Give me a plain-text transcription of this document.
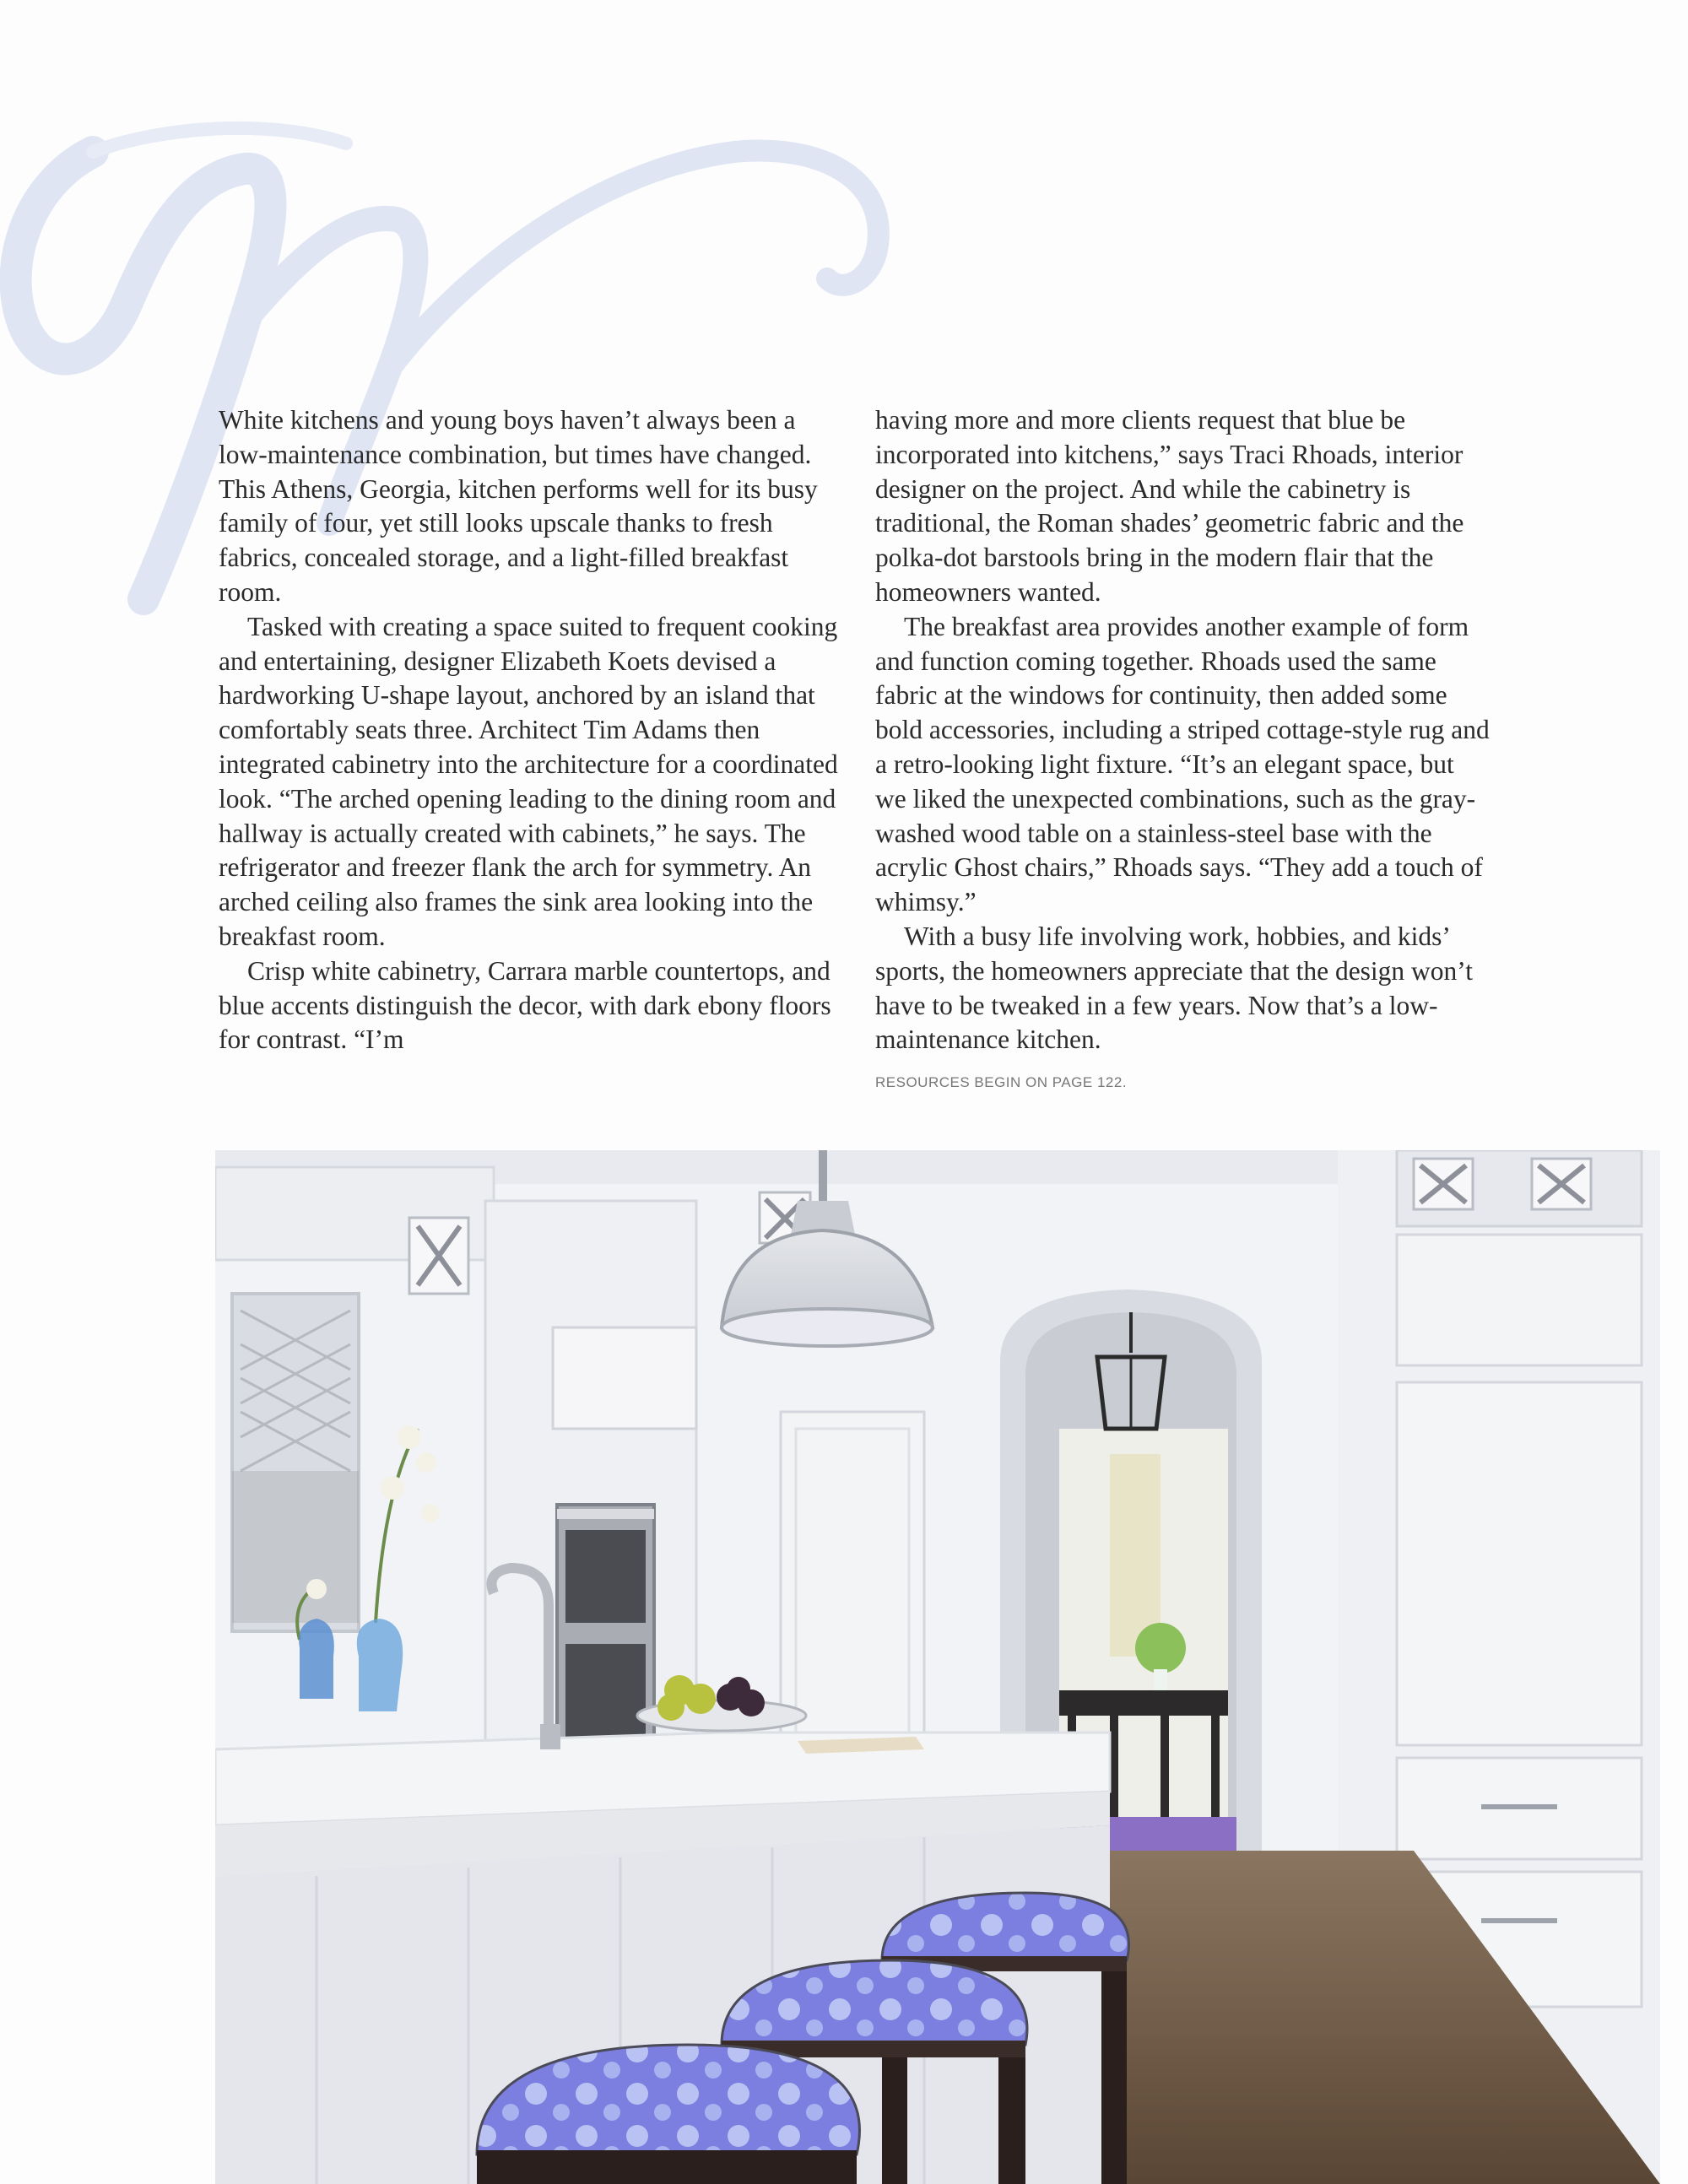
White kitchens and young boys haven’t always been a low-maintenance combination, but times have changed. This Athens, Georgia, kitchen performs well for its busy family of four, yet still looks upscale thanks to fresh fabrics, concealed storage, and a light-filled breakfast room.

Tasked with creating a space suited to frequent cooking and entertaining, designer Elizabeth Koets devised a hardworking U-shape layout, anchored by an island that comfortably seats three. Architect Tim Adams then integrated cabinetry into the architecture for a coordinated look. “The arched opening leading to the dining room and hallway is actually created with cabinets,” he says. The refrigerator and freezer flank the arch for symmetry. An arched ceiling also frames the sink area looking into the breakfast room.

Crisp white cabinetry, Carrara marble countertops, and blue accents distinguish the decor, with dark ebony floors for contrast. “I’m

having more and more clients request that blue be incorporated into kitchens,” says Traci Rhoads, interior designer on the project. And while the cabinetry is traditional, the Roman shades’ geometric fabric and the polka-dot barstools bring in the modern flair that the homeowners wanted.

The breakfast area provides another example of form and function coming together. Rhoads used the same fabric at the windows for continuity, then added some bold accessories, including a striped cottage-style rug and a retro-looking light fixture. “It’s an elegant space, but we liked the unexpected combinations, such as the gray-washed wood table on a stainless-steel base with the acrylic Ghost chairs,” Rhoads says. “They add a touch of whimsy.”

With a busy life involving work, hobbies, and kids’ sports, the homeowners appreciate that the design won’t have to be tweaked in a few years. Now that’s a low-maintenance kitchen.

RESOURCES BEGIN ON PAGE 122.
